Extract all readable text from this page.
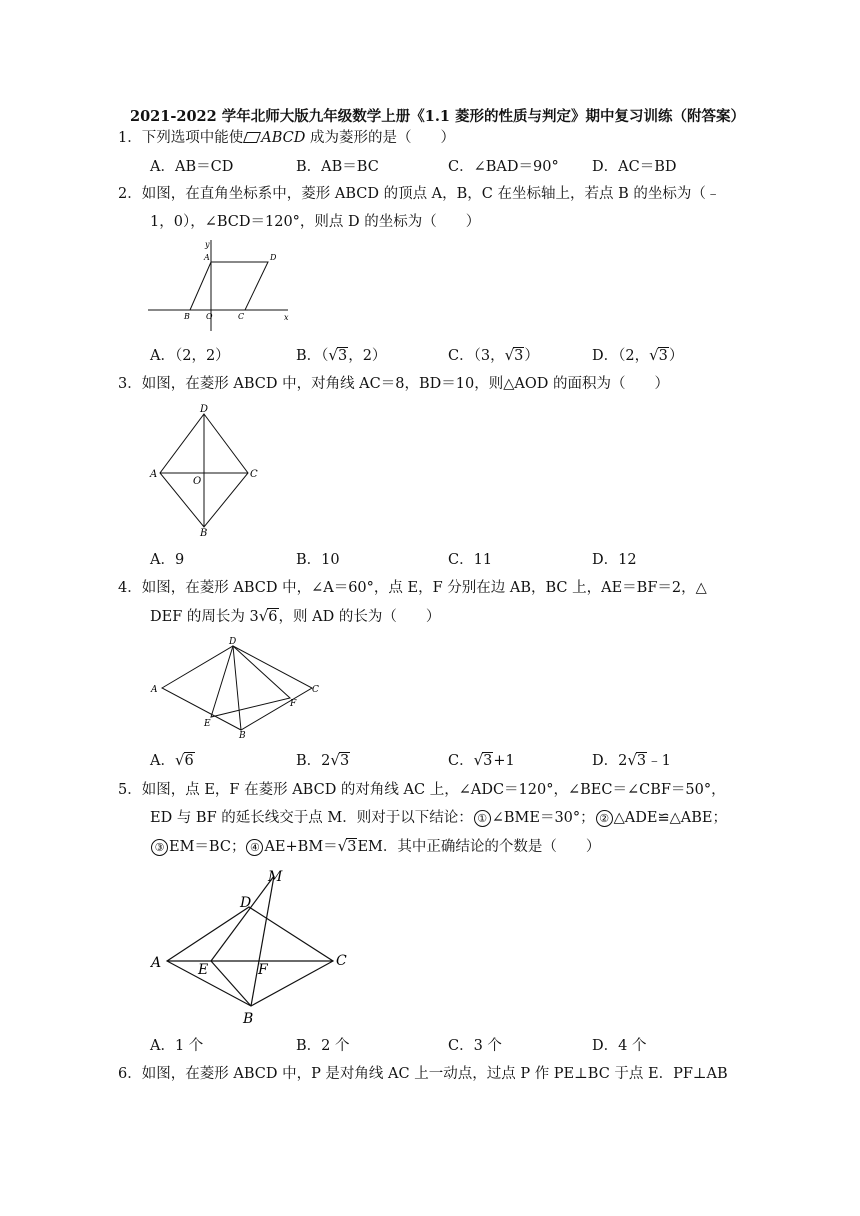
2021-2022 学年北师大版九年级数学上册《1.1 菱形的性质与判定》期中复习训练（附答案）
1．下列选项中能使 ABCD 成为菱形的是（　　）
A．AB＝CD	B．AB＝BC	C．∠BAD＝90° D．AC＝BD
2．如图，在直角坐标系中，菱形 ABCD 的顶点 A，B，C 在坐标轴上，若点 B 的坐标为（﹣
1，0），∠BCD＝120°，则点 D 的坐标为（　　）
y
A	D
B O	C	x
A．（2，2）	B．（√3，2）	C．（3，√3）	D．（2，√3）
3．如图，在菱形 ABCD 中，对角线 AC＝8，BD＝10，则△AOD 的面积为（　　）
D
A
O
C
B
A．9	B．10	C．11	D．12
4．如图，在菱形 ABCD 中，∠A＝60°，点 E，F 分别在边 AB，BC 上，AE＝BF＝2，△
DEF 的周长为 3√6，则 AD 的长为（　　）
D
A	C
F
E
B
A．√6	B．2√3	C．√3+1	D．2√3﹣1
5．如图，点 E，F 在菱形 ABCD 的对角线 AC 上，∠ADC＝120°，∠BEC＝∠CBF＝50°，
ED 与 BF 的延长线交于点 M．则对于以下结论： ① ∠BME＝30°； ② △ADE≌△ABE；
③ EM＝BC； ④ AE+BM＝√3EM．其中正确结论的个数是（　　）
M
D
A	E	F
C
B
A．1 个	B．2 个	C．3 个	D．4 个
6．如图，在菱形 ABCD 中，P 是对角线 AC 上一动点，过点 P 作 PE⊥BC 于点 E．PF⊥AB
